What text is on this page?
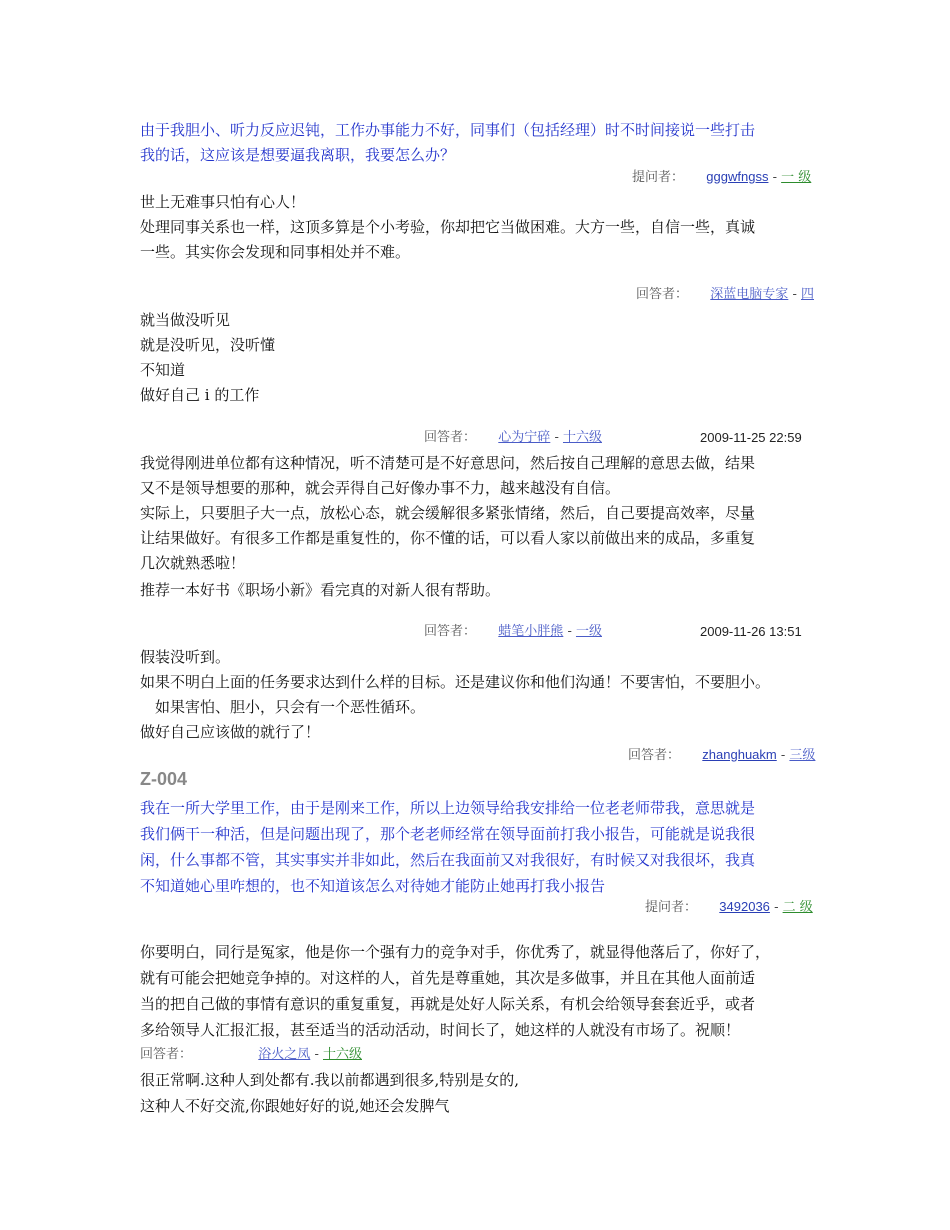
由于我胆小、听力反应迟钝，工作办事能力不好，同事们（包括经理）时不时间接说一些打击
我的话，这应该是想要逼我离职，我要怎么办？
提问者： gggwfngss - 一 级
世上无难事只怕有心人！
处理同事关系也一样，这顶多算是个小考验，你却把它当做困难。大方一些，自信一些，真诚
一些。其实你会发现和同事相处并不难。
回答者： 深蓝电脑专家 - 四
就当做没听见
就是没听见，没听懂
不知道
做好自己 i 的工作
回答者： 心为宁碎 - 十六级	2009-11-25 22:59
我觉得刚进单位都有这种情况，听不清楚可是不好意思问，然后按自己理解的意思去做，结果
又不是领导想要的那种，就会弄得自己好像办事不力，越来越没有自信。
实际上，只要胆子大一点，放松心态，就会缓解很多紧张情绪，然后，自己要提高效率，尽量
让结果做好。有很多工作都是重复性的，你不懂的话，可以看人家以前做出来的成品，多重复
几次就熟悉啦！
推荐一本好书《职场小新》看完真的对新人很有帮助。
回答者： 蜡笔小胖熊 - 一级	2009-11-26 13:51
假装没听到。
如果不明白上面的任务要求达到什么样的目标。还是建议你和他们沟通！不要害怕，不要胆小。
　如果害怕、胆小，只会有一个恶性循环。
做好自己应该做的就行了！
回答者： zhanghuakm - 三级
Z-004
我在一所大学里工作，由于是刚来工作，所以上边领导给我安排给一位老老师带我，意思就是
我们俩干一种活，但是问题出现了，那个老老师经常在领导面前打我小报告，可能就是说我很
闲，什么事都不管，其实事实并非如此，然后在我面前又对我很好，有时候又对我很坏，我真
不知道她心里咋想的，也不知道该怎么对待她才能防止她再打我小报告
提问者： 3492036 - 二 级
你要明白，同行是冤家，他是你一个强有力的竞争对手，你优秀了，就显得他落后了，你好了，
就有可能会把她竞争掉的。对这样的人，首先是尊重她，其次是多做事，并且在其他人面前适
当的把自己做的事情有意识的重复重复，再就是处好人际关系，有机会给领导套套近乎，或者
多给领导人汇报汇报，甚至适当的活动活动，时间长了，她这样的人就没有市场了。祝顺！
回答者：	浴火之凤 - 十六级
很正常啊.这种人到处都有.我以前都遇到很多,特别是女的,
这种人不好交流,你跟她好好的说,她还会发脾气
